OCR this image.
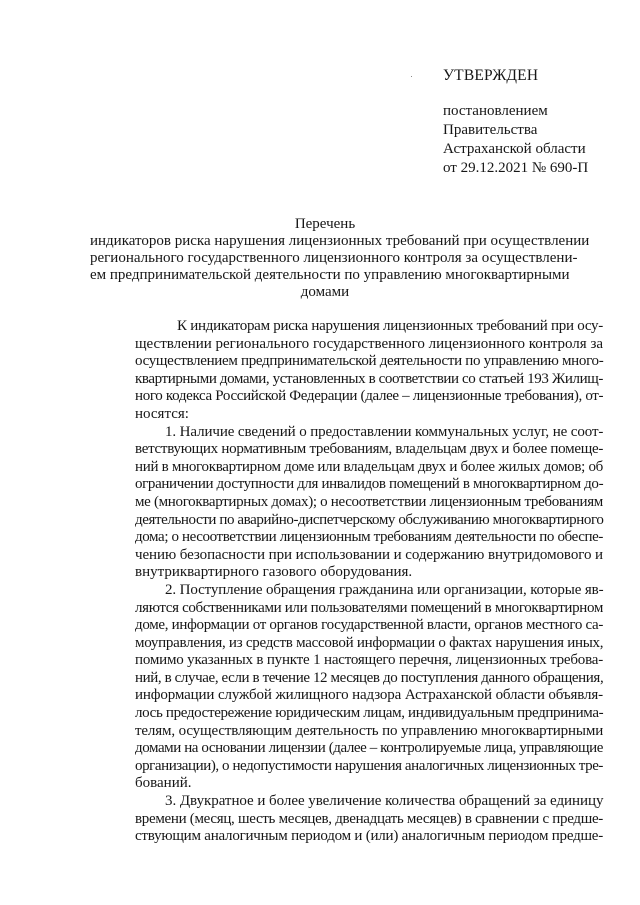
УТВЕРЖДЕН
постановлением
Правительства
Астраханской области
от 29.12.2021 № 690-П
Перечень
индикаторов риска нарушения лицензионных требований при осуществлении
регионального государственного лицензионного контроля за осуществлени-
ем предпринимательской деятельности по управлению многоквартирными
домами
К индикаторам риска нарушения лицензионных требований при осу-
ществлении регионального государственного лицензионного контроля за
осуществлением предпринимательской деятельности по управлению много-
квартирными домами, установленных в соответствии со статьей 193 Жилищ-
ного кодекса Российской Федерации (далее – лицензионные требования), от-
носятся:
1. Наличие сведений о предоставлении коммунальных услуг, не соот-
ветствующих нормативным требованиям, владельцам двух и более помеще-
ний в многоквартирном доме или владельцам двух и более жилых домов; об
ограничении доступности для инвалидов помещений в многоквартирном до-
ме (многоквартирных домах); о несоответствии лицензионным требованиям
деятельности по аварийно-диспетчерскому обслуживанию многоквартирного
дома; о несоответствии лицензионным требованиям деятельности по обеспе-
чению безопасности при использовании и содержанию внутридомового и
внутриквартирного газового оборудования.
2. Поступление обращения гражданина или организации, которые яв-
ляются собственниками или пользователями помещений в многоквартирном
доме, информации от органов государственной власти, органов местного са-
моуправления, из средств массовой информации о фактах нарушения иных,
помимо указанных в пункте 1 настоящего перечня, лицензионных требова-
ний, в случае, если в течение 12 месяцев до поступления данного обращения,
информации службой жилищного надзора Астраханской области объявля-
лось предостережение юридическим лицам, индивидуальным предпринима-
телям, осуществляющим деятельность по управлению многоквартирными
домами на основании лицензии (далее – контролируемые лица, управляющие
организации), о недопустимости нарушения аналогичных лицензионных тре-
бований.
3. Двукратное и более увеличение количества обращений за единицу
времени (месяц, шесть месяцев, двенадцать месяцев) в сравнении с предше-
ствующим аналогичным периодом и (или) аналогичным периодом предше-
